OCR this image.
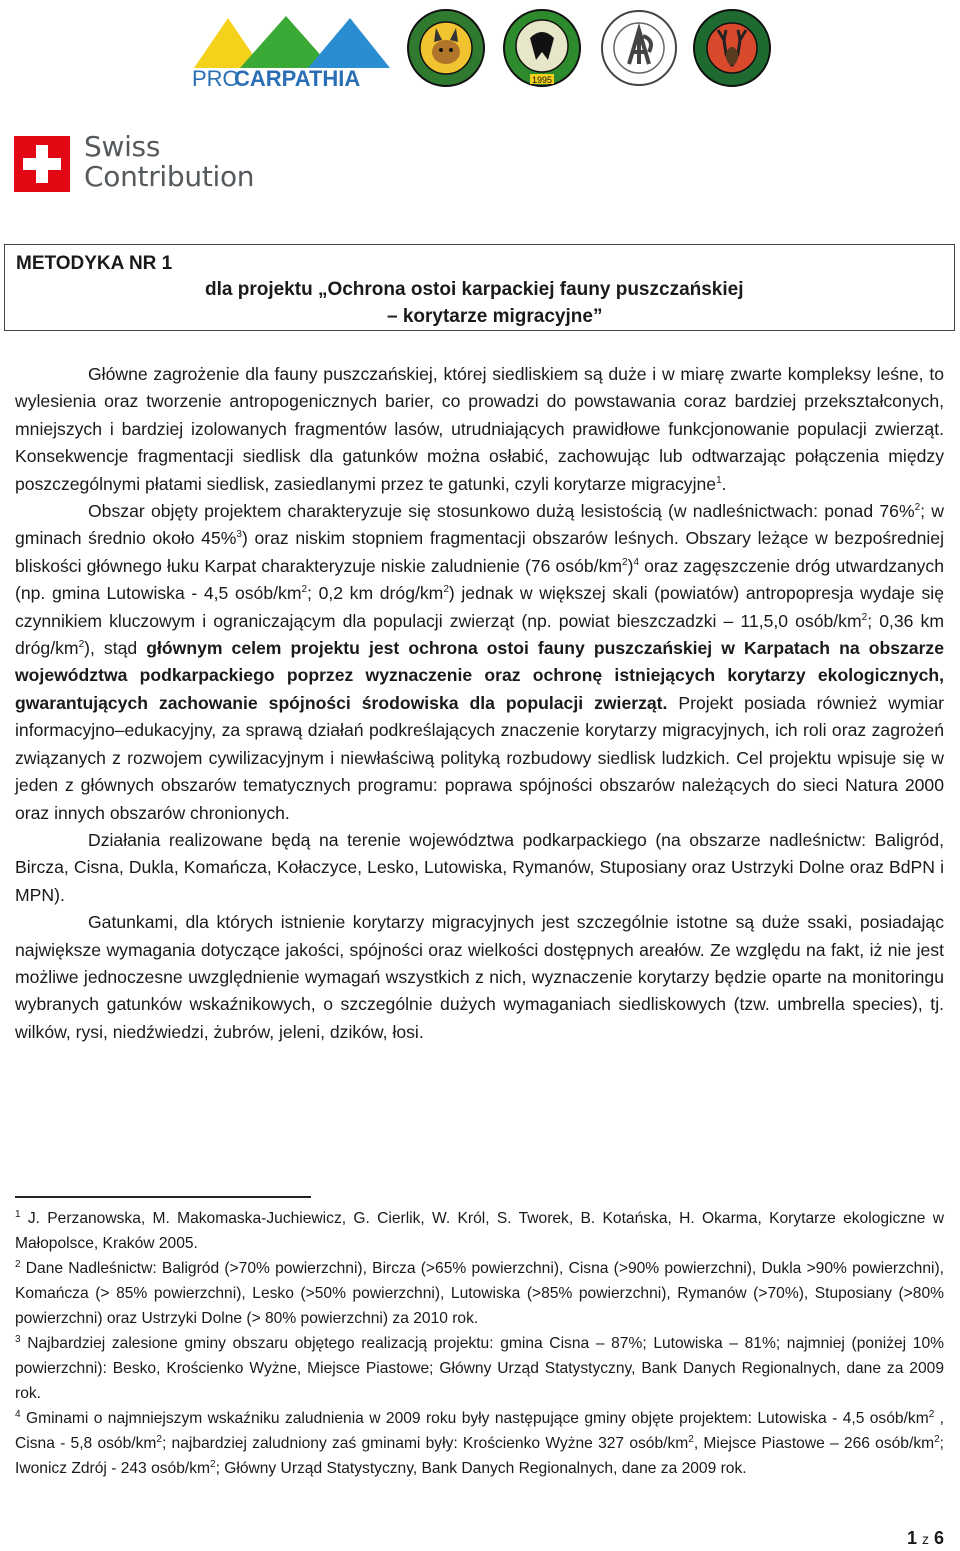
PRO
CARPATHIA	1995
Swiss
Contribution
METODYKA NR 1
dla projektu „Ochrona ostoi karpackiej fauny puszczańskiej
– korytarze migracyjne”

Główne zagrożenie dla fauny puszczańskiej, której siedliskiem są duże i w miarę zwarte kompleksy leśne, to wylesienia oraz tworzenie antropogenicznych barier, co prowadzi do powstawania coraz bardziej przekształconych, mniejszych i bardziej izolowanych fragmentów lasów, utrudniających prawidłowe funkcjonowanie populacji zwierząt. Konsekwencje fragmentacji siedlisk dla gatunków można osłabić, zachowując lub odtwarzając połączenia między poszczególnymi płatami siedlisk, zasiedlanymi przez te gatunki, czyli korytarze migracyjne$^1$.

Obszar objęty projektem charakteryzuje się stosunkowo dużą lesistością (w nadleśnictwach: ponad 76%$^2$; w gminach średnio około 45%$^3$) oraz niskim stopniem fragmentacji obszarów leśnych. Obszary leżące w bezpośredniej bliskości głównego łuku Karpat charakteryzuje niskie zaludnienie (76 osób/$km^2)^4$ oraz zagęszczenie dróg utwardzanych (np. gmina Lutowiska - 4,5 osób/$km^2$; 0,2 km dróg/$km^2$) jednak w większej skali (powiatów) antropopresja wydaje się czynnikiem kluczowym i ograniczającym dla populacji zwierząt (np. powiat bieszczadzki – 11,5,0 osób/$km^2$; 0,36 km dróg/$km^2$), stąd głównym celem projektu jest ochrona ostoi fauny puszczańskiej w Karpatach na obszarze województwa podkarpackiego poprzez wyznaczenie oraz ochronę istniejących korytarzy ekologicznych, gwarantujących zachowanie spójności środowiska dla populacji zwierząt. Projekt posiada również wymiar informacyjno–edukacyjny, za sprawą działań podkreślających znaczenie korytarzy migracyjnych, ich roli oraz zagrożeń związanych z rozwojem cywilizacyjnym i niewłaściwą polityką rozbudowy siedlisk ludzkich. Cel projektu wpisuje się w jeden z głównych obszarów tematycznych programu: poprawa spójności obszarów należących do sieci Natura 2000 oraz innych obszarów chronionych.

Działania realizowane będą na terenie województwa podkarpackiego (na obszarze nadleśnictw: Baligród, Bircza, Cisna, Dukla, Komańcza, Kołaczyce, Lesko, Lutowiska, Rymanów, Stuposiany oraz Ustrzyki Dolne oraz BdPN i MPN).

Gatunkami, dla których istnienie korytarzy migracyjnych jest szczególnie istotne są duże ssaki, posiadając największe wymagania dotyczące jakości, spójności oraz wielkości dostępnych areałów. Ze względu na fakt, iż nie jest możliwe jednoczesne uwzględnienie wymagań wszystkich z nich, wyznaczenie korytarzy będzie oparte na monitoringu wybranych gatunków wskaźnikowych, o szczególnie dużych wymaganiach siedliskowych (tzw. umbrella species), tj. wilków, rysi, niedźwiedzi, żubrów, jeleni, dzików, łosi.

$^1$ J. Perzanowska, M. Makomaska-Juchiewicz, G. Cierlik, W. Król, S. Tworek, B. Kotańska, H. Okarma, Korytarze ekologiczne w Małopolsce, Kraków 2005.

$^2$ Dane Nadleśnictw: Baligród (>70% powierzchni), Bircza (>65% powierzchni), Cisna (>90% powierzchni), Dukla >90% powierzchni), Komańcza (> 85% powierzchni), Lesko (>50% powierzchni), Lutowiska (>85% powierzchni), Rymanów (>70%), Stuposiany (>80% powierzchni) oraz Ustrzyki Dolne (> 80% powierzchni) za 2010 rok.

$^3$ Najbardziej zalesione gminy obszaru objętego realizacją projektu: gmina Cisna – 87%; Lutowiska – 81%; najmniej (poniżej 10% powierzchni): Besko, Krościenko Wyżne, Miejsce Piastowe; Główny Urząd Statystyczny, Bank Danych Regionalnych, dane za 2009 rok.

$^4$ Gminami o najmniejszym wskaźniku zaludnienia w 2009 roku były następujące gminy objęte projektem: Lutowiska - 4,5 osób/$km^2$ , Cisna - 5,8 osób/$km^2$; najbardziej zaludniony zaś gminami były: Krościenko Wyżne 327 osób/$km^2$, Miejsce Piastowe – 266 osób/$km^2$; Iwonicz Zdrój - 243 osób/$km^2$; Główny Urząd Statystyczny, Bank Danych Regionalnych, dane za 2009 rok.

1 z 6
